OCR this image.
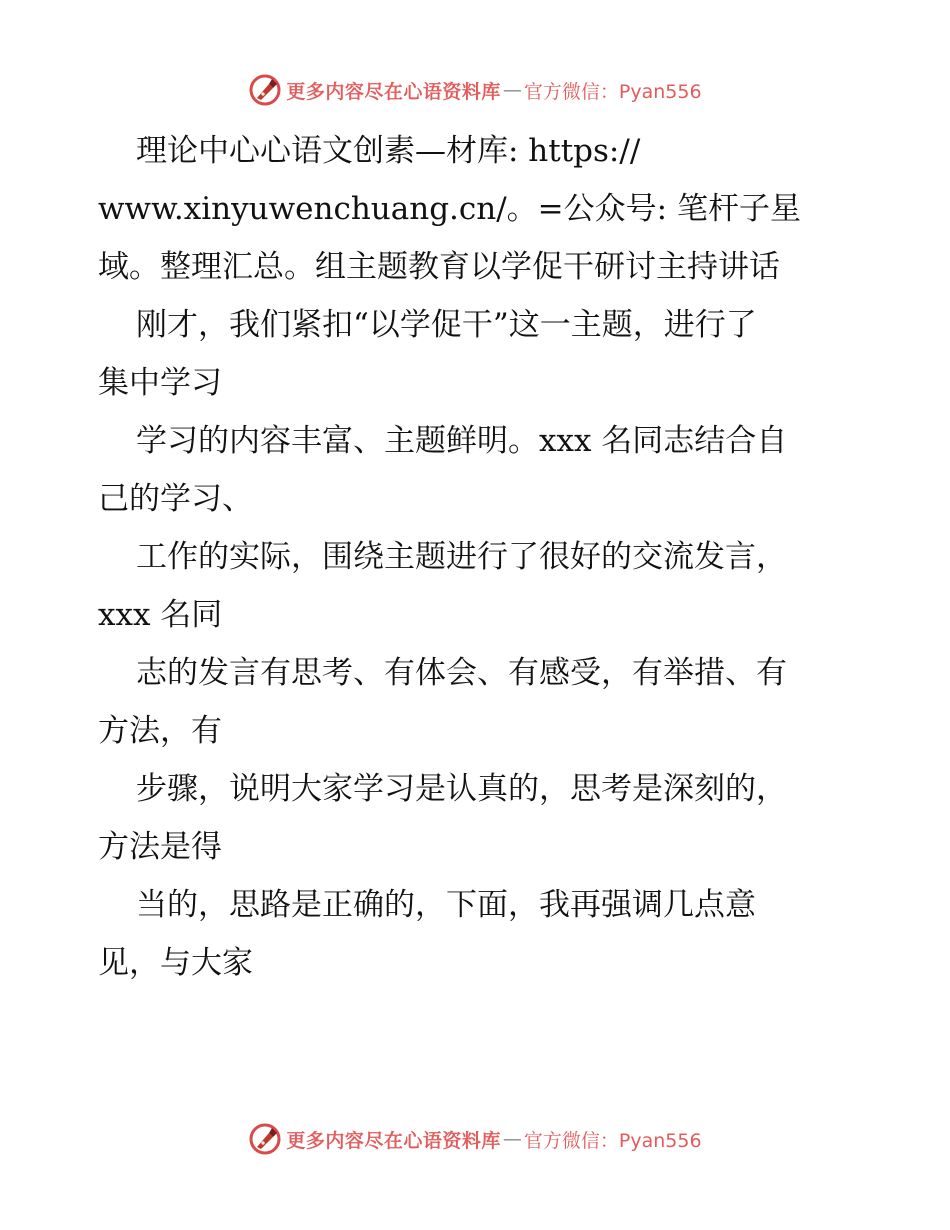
更多内容尽在心语资料库 — 官方微信：Pyan556

理论中心心语文创素—材库: https://

www.xinyuwenchuang.cn/。=公众号: 笔杆子星

域。整理汇总。组主题教育以学促干研讨主持讲话

刚才，我们紧扣“以学促干”这一主题，进行了

集中学习

学习的内容丰富、主题鲜明。xxx 名同志结合自

己的学习、

工作的实际，围绕主题进行了很好的交流发言，

xxx 名同

志的发言有思考、有体会、有感受，有举措、有

方法，有

步骤，说明大家学习是认真的，思考是深刻的，

方法是得

当的，思路是正确的，下面，我再强调几点意

见，与大家

更多内容尽在心语资料库 — 官方微信：Pyan556
